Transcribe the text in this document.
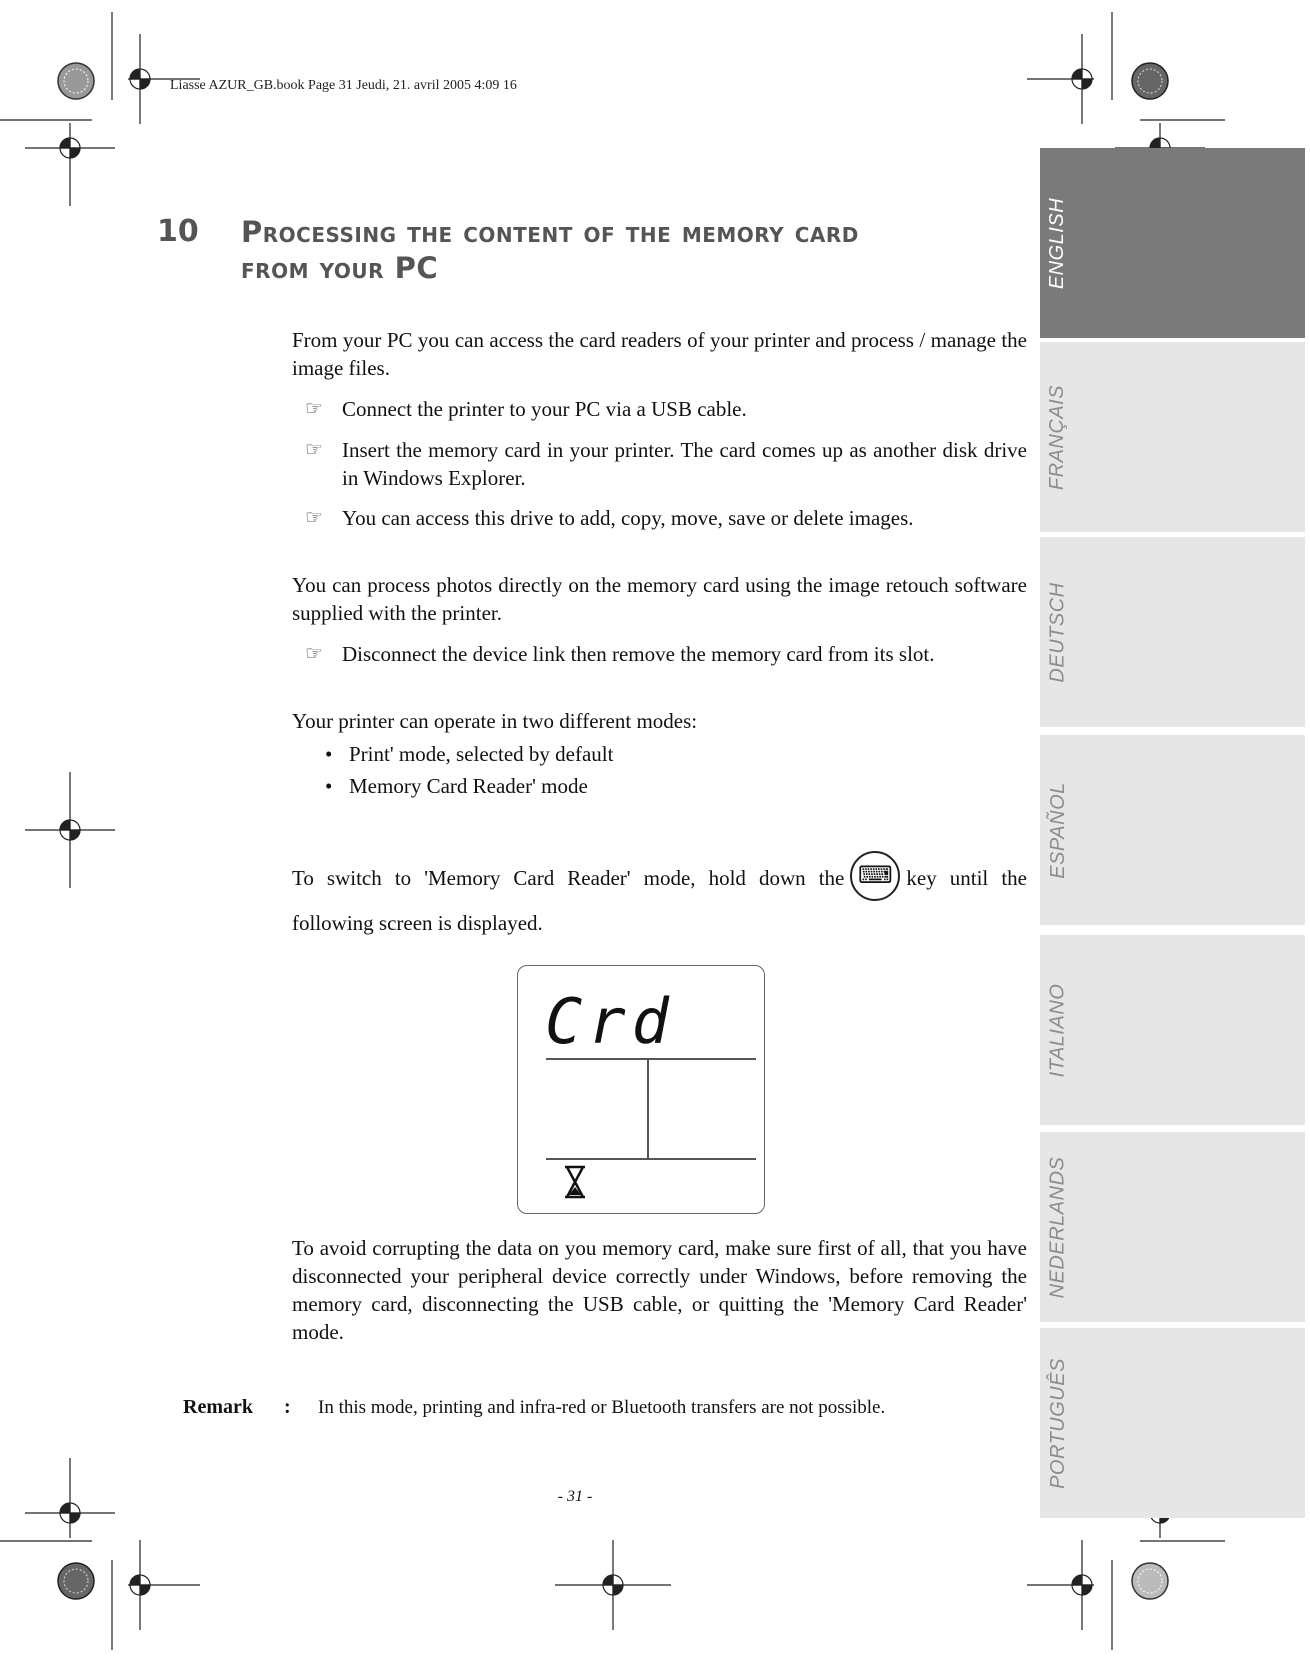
Liasse AZUR_GB.book Page 31 Jeudi, 21. avril 2005 4:09 16
ENGLISH
FRANÇAIS
DEUTSCH
ESPAÑOL
ITALIANO
NEDERLANDS
PORTUGUÊS
10 Processing the content of the memory card
from your PC
From your PC you can access the card readers of your printer and process / manage the image files.
☞ Connect the printer to your PC via a USB cable.
☞ Insert the memory card in your printer. The card comes up as another disk drive in Windows Explorer.
☞ You can access this drive to add, copy, move, save or delete images.
You can process photos directly on the memory card using the image retouch software supplied with the printer.
☞ Disconnect the device link then remove the memory card from its slot.
Your printer can operate in two different modes:
• Print' mode, selected by default
• Memory Card Reader' mode
To switch to 'Memory Card Reader' mode, hold down the ⌨ key until the following screen is displayed.
Crd
To avoid corrupting the data on you memory card, make sure first of all, that you have disconnected your peripheral device correctly under Windows, before removing the memory card, disconnecting the USB cable, or quitting the 'Memory Card Reader' mode.
Remark : In this mode, printing and infra-red or Bluetooth transfers are not possible.
- 31 -
